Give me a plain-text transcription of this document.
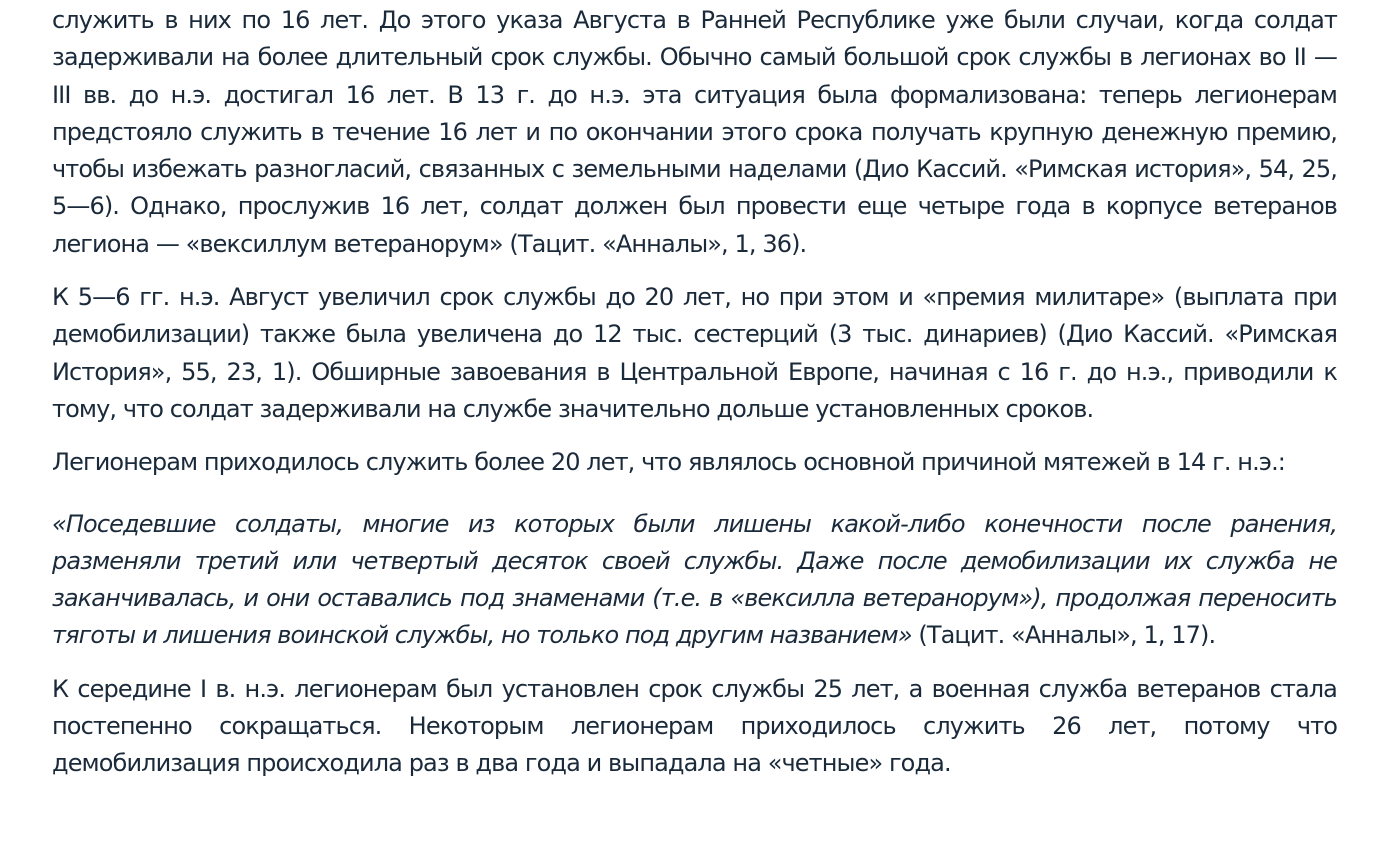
служить в них по 16 лет. До этого указа Августа в Ранней Республике уже были случаи, когда солдат задерживали на более длительный срок службы. Обычно самый большой срок службы в легионах во II — III вв. до н.э. достигал 16 лет. В 13 г. до н.э. эта ситуация была формализована: теперь легионерам предстояло служить в течение 16 лет и по окончании этого срока получать крупную денежную премию, чтобы избежать разногласий, связанных с земельными наделами (Дио Кассий. «Римская история», 54, 25, 5—6). Однако, прослужив 16 лет, солдат должен был провести еще четыре года в корпусе ветеранов легиона — «вексиллум ветеранорум» (Тацит. «Анналы», 1, 36).

К 5—6 гг. н.э. Август увеличил срок службы до 20 лет, но при этом и «премия милитаре» (выплата при демобилизации) также была увеличена до 12 тыс. сестерций (3 тыс. динариев) (Дио Кассий. «Римская История», 55, 23, 1). Обширные завоевания в Центральной Европе, начиная с 16 г. до н.э., приводили к тому, что солдат задерживали на службе значительно дольше установленных сроков.

Легионерам приходилось служить более 20 лет, что являлось основной причиной мятежей в 14 г. н.э.:

«Поседевшие солдаты, многие из которых были лишены какой-либо конечности после ранения, разменяли третий или четвертый десяток своей службы. Даже после демобилизации их служба не заканчивалась, и они оставались под знаменами (т.е. в «вексилла ветеранорум»), продолжая переносить тяготы и лишения воинской службы, но только под другим названием» (Тацит. «Анналы», 1, 17).

К середине I в. н.э. легионерам был установлен срок службы 25 лет, а военная служба ветеранов стала постепенно сокращаться. Некоторым легионерам приходилось служить 26 лет, потому что демобилизация происходила раз в два года и выпадала на «четные» года.
